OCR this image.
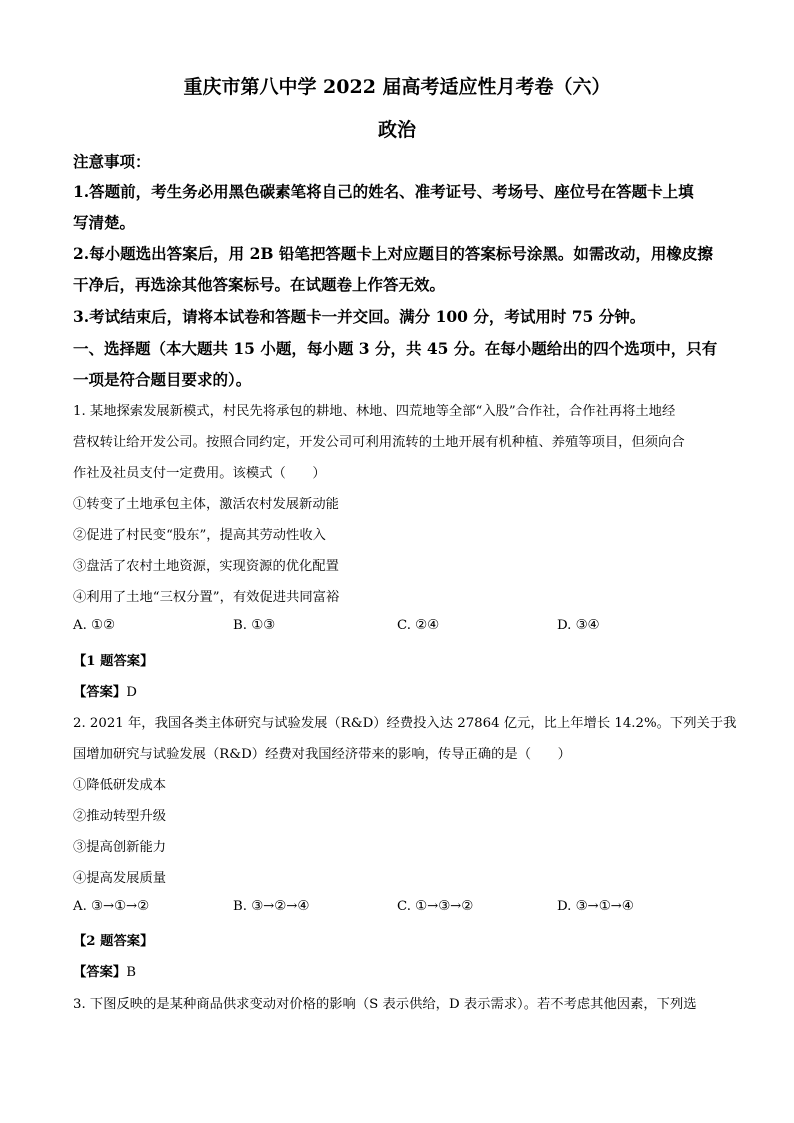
重庆市第八中学 2022 届高考适应性月考卷（六）
政治
注意事项：
1.答题前，考生务必用黑色碳素笔将自己的姓名、准考证号、考场号、座位号在答题卡上填
写清楚。
2.每小题选出答案后，用 2B 铅笔把答题卡上对应题目的答案标号涂黑。如需改动，用橡皮擦
干净后，再选涂其他答案标号。在试题卷上作答无效。
3.考试结束后，请将本试卷和答题卡一并交回。满分 100 分，考试用时 75 分钟。
一、选择题（本大题共 15 小题，每小题 3 分，共 45 分。在每小题给出的四个选项中，只有
一项是符合题目要求的）。
1. 某地探索发展新模式，村民先将承包的耕地、林地、四荒地等全部“入股”合作社，合作社再将土地经
营权转让给开发公司。按照合同约定，开发公司可利用流转的土地开展有机种植、养殖等项目，但须向合
作社及社员支付一定费用。该模式（　　）
①转变了土地承包主体，激活农村发展新动能
②促进了村民变“股东”，提高其劳动性收入
③盘活了农村土地资源，实现资源的优化配置
④利用了土地“三权分置”，有效促进共同富裕
A. ①②	B. ①③	C. ②④	D. ③④
【1 题答案】
【答案】D
2. 2021 年，我国各类主体研究与试验发展（R&D）经费投入达 27864 亿元，比上年增长 14.2%。下列关于我
国增加研究与试验发展（R&D）经费对我国经济带来的影响，传导正确的是（　　）
①降低研发成本
②推动转型升级
③提高创新能力
④提高发展质量
A. ③→①→②	B. ③→②→④	C. ①→③→②	D. ③→①→④
【2 题答案】
【答案】B
3. 下图反映的是某种商品供求变动对价格的影响（S 表示供给，D 表示需求）。若不考虑其他因素，下列选
